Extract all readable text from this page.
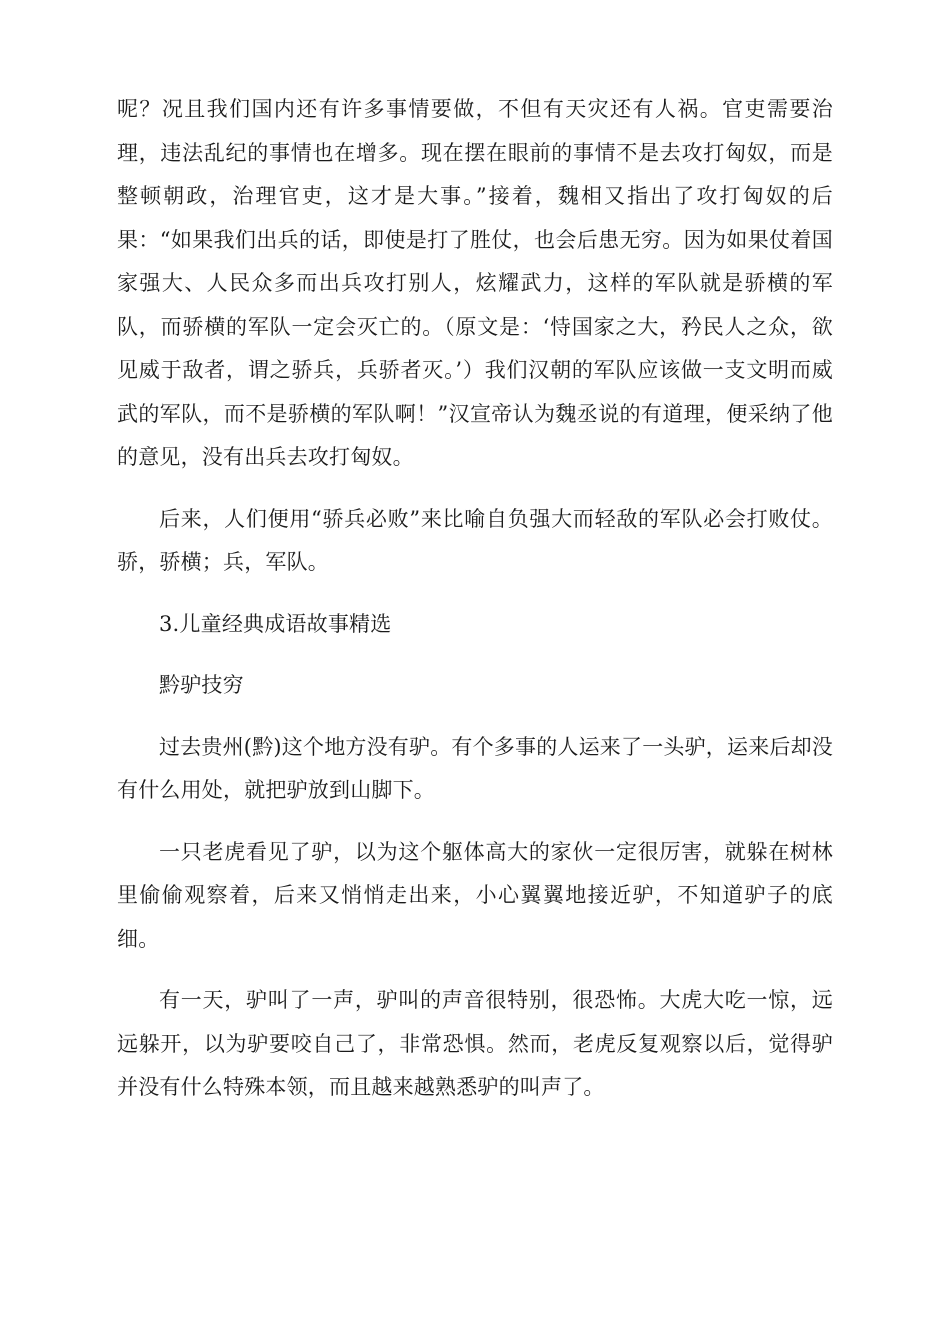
呢？况且我们国内还有许多事情要做，不但有天灾还有人祸。官吏需要治理，违法乱纪的事情也在增多。现在摆在眼前的事情不是去攻打匈奴，而是整顿朝政，治理官吏，这才是大事。”接着，魏相又指出了攻打匈奴的后果：“如果我们出兵的话，即使是打了胜仗，也会后患无穷。因为如果仗着国家强大、人民众多而出兵攻打别人，炫耀武力，这样的军队就是骄横的军队，而骄横的军队一定会灭亡的。（原文是：‘恃国家之大，矜民人之众，欲见威于敌者，谓之骄兵，兵骄者灭。’）我们汉朝的军队应该做一支文明而威武的军队，而不是骄横的军队啊！”汉宣帝认为魏丞说的有道理，便采纳了他的意见，没有出兵去攻打匈奴。

后来，人们便用“骄兵必败”来比喻自负强大而轻敌的军队必会打败仗。骄，骄横；兵，军队。

3.儿童经典成语故事精选

黔驴技穷

过去贵州(黔)这个地方没有驴。有个多事的人运来了一头驴，运来后却没有什么用处，就把驴放到山脚下。

一只老虎看见了驴，以为这个躯体高大的家伙一定很厉害，就躲在树林里偷偷观察着，后来又悄悄走出来，小心翼翼地接近驴，不知道驴子的底细。

有一天，驴叫了一声，驴叫的声音很特别，很恐怖。大虎大吃一惊，远远躲开，以为驴要咬自己了，非常恐惧。然而，老虎反复观察以后，觉得驴并没有什么特殊本领，而且越来越熟悉驴的叫声了。
